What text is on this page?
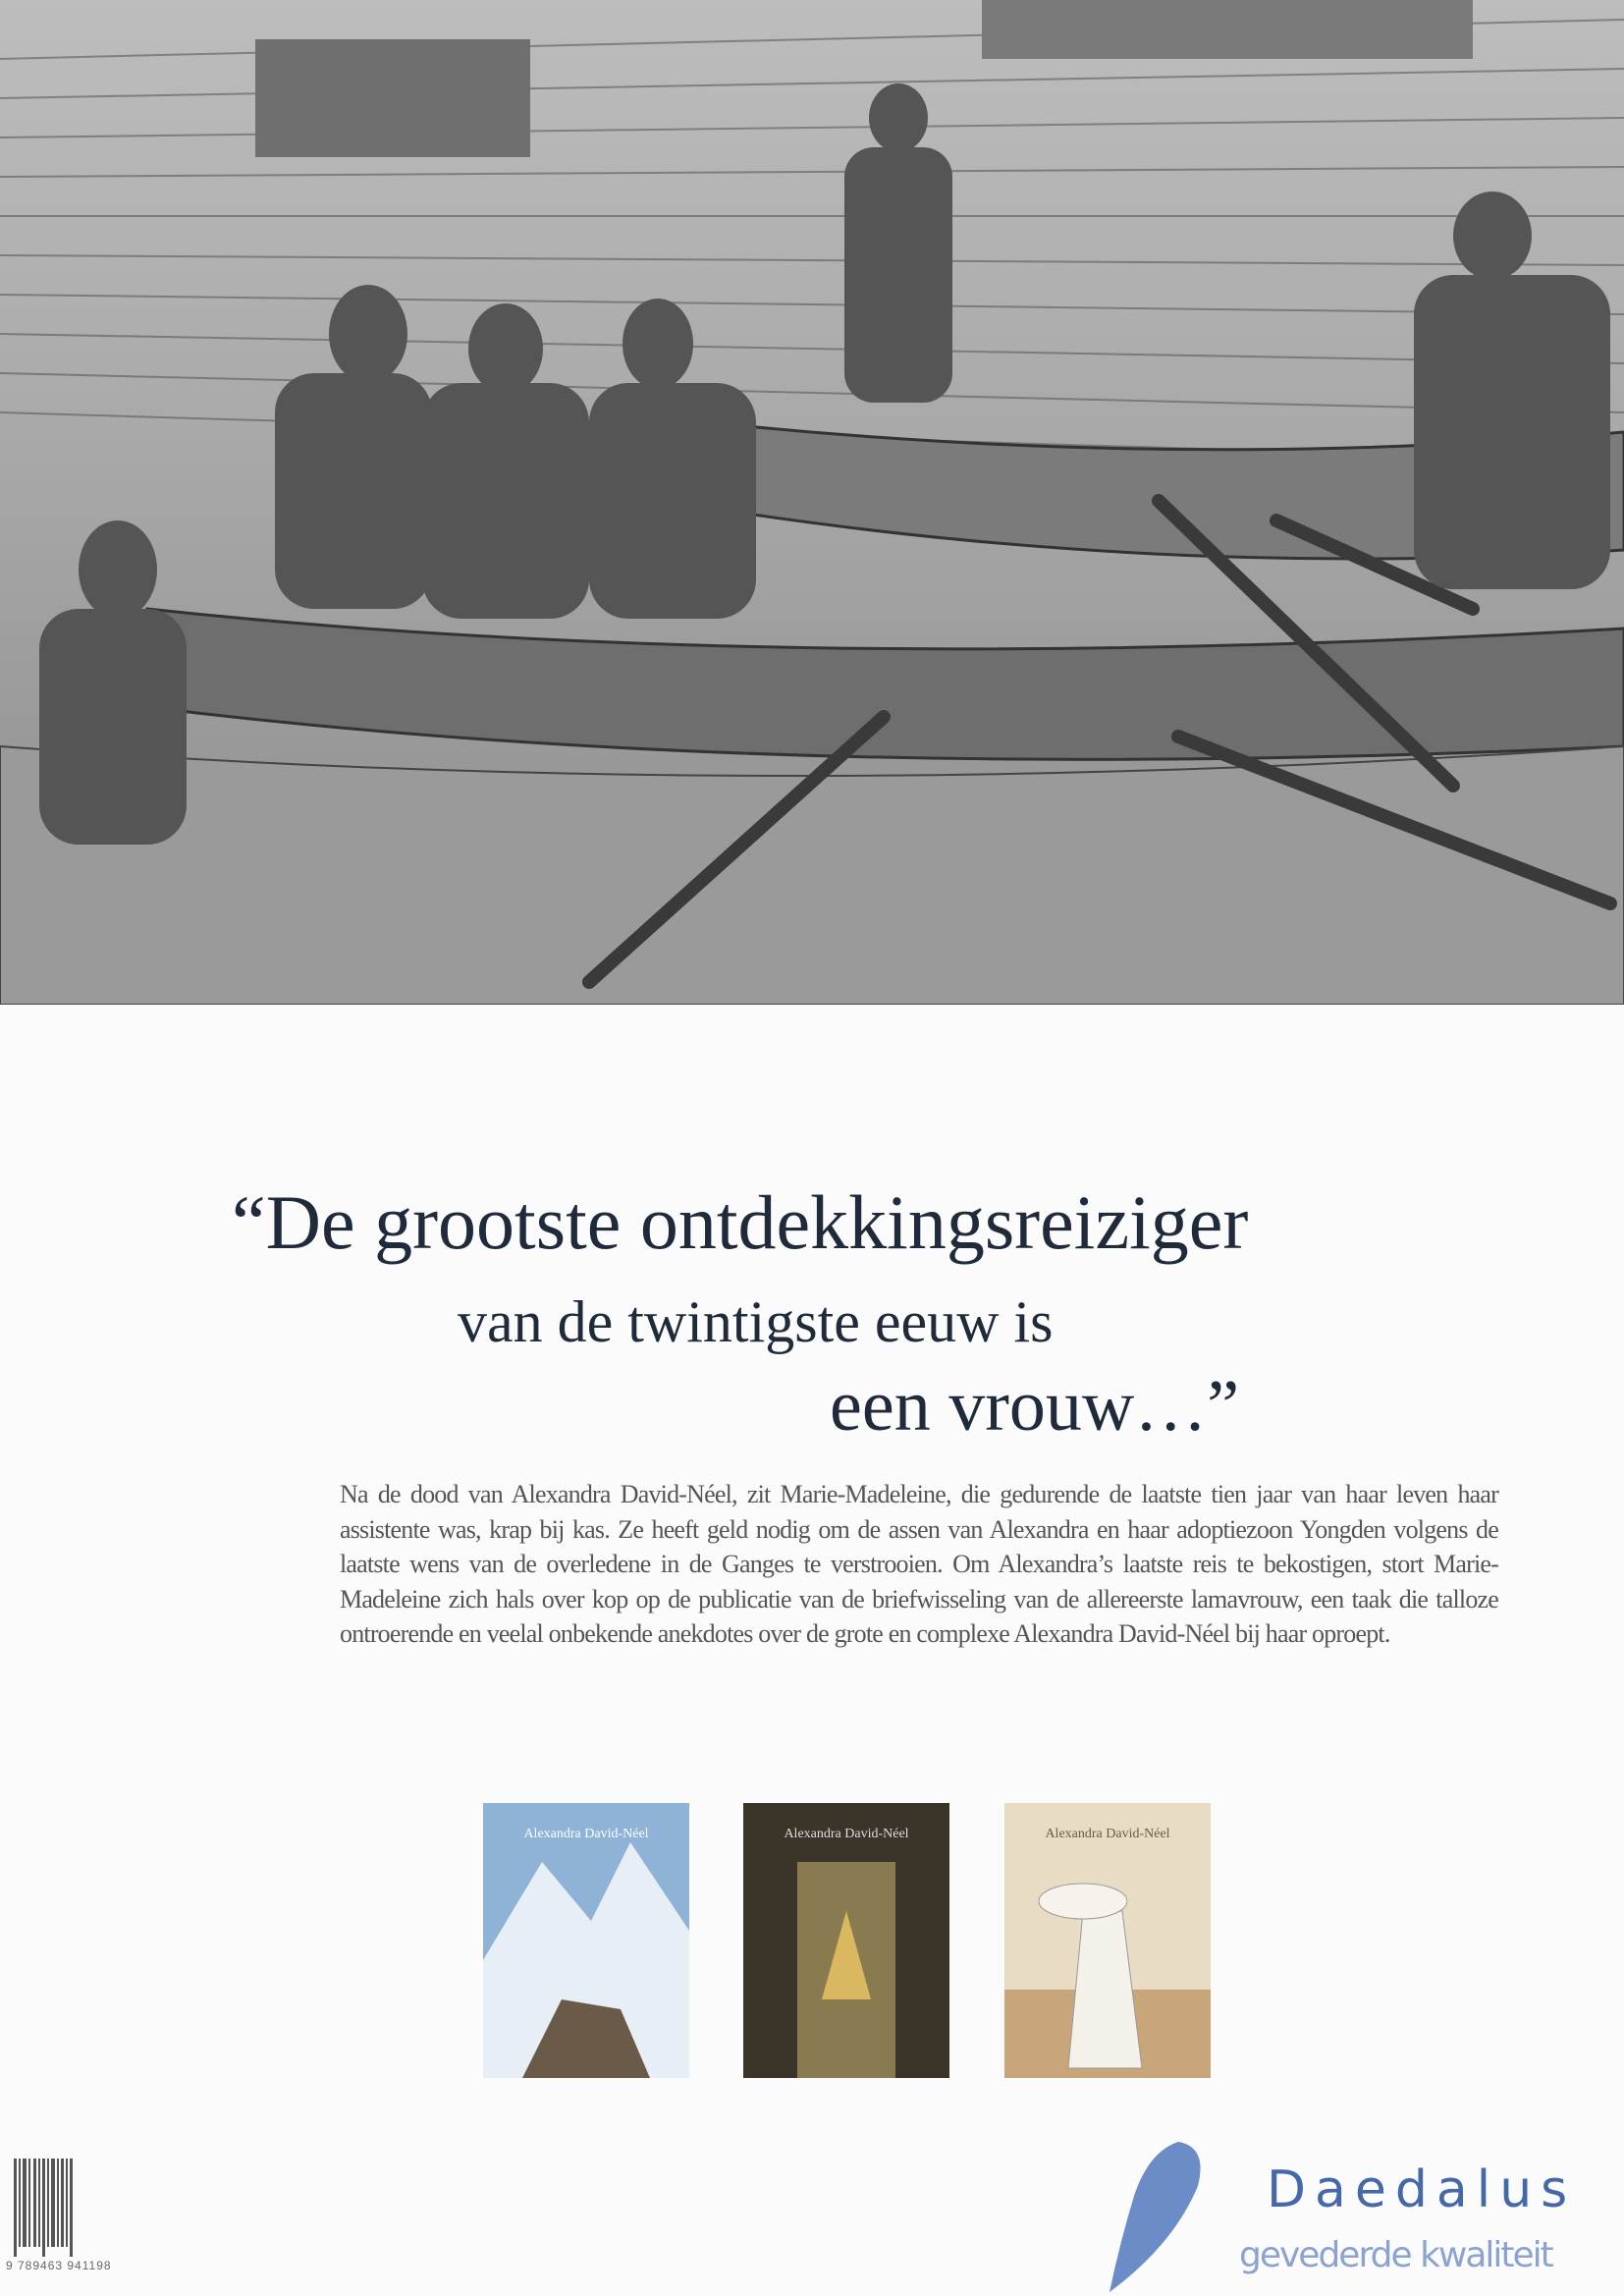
“De grootste ontdekkingsreiziger
van de twintigste eeuw is
een vrouw…”
Na de dood van Alexandra David-Néel, zit Marie-Madeleine, die gedurende de laatste tien jaar van haar leven haar assistente was, krap bij kas. Ze heeft geld nodig om de assen van Alexandra en haar adoptiezoon Yongden volgens de laatste wens van de overledene in de Ganges te verstrooien. Om Alexandra’s laatste reis te bekostigen, stort Marie-Madeleine zich hals over kop op de publicatie van de briefwisseling van de allereerste lamavrouw, een taak die talloze ontroerende en veelal onbekende anekdotes over de grote en complexe Alexandra David-Néel bij haar oproept.
Alexandra David-Néel	Alexandra David-Néel	Alexandra David-Néel
9 789463 941198
Daedalus
gevederde kwaliteit
